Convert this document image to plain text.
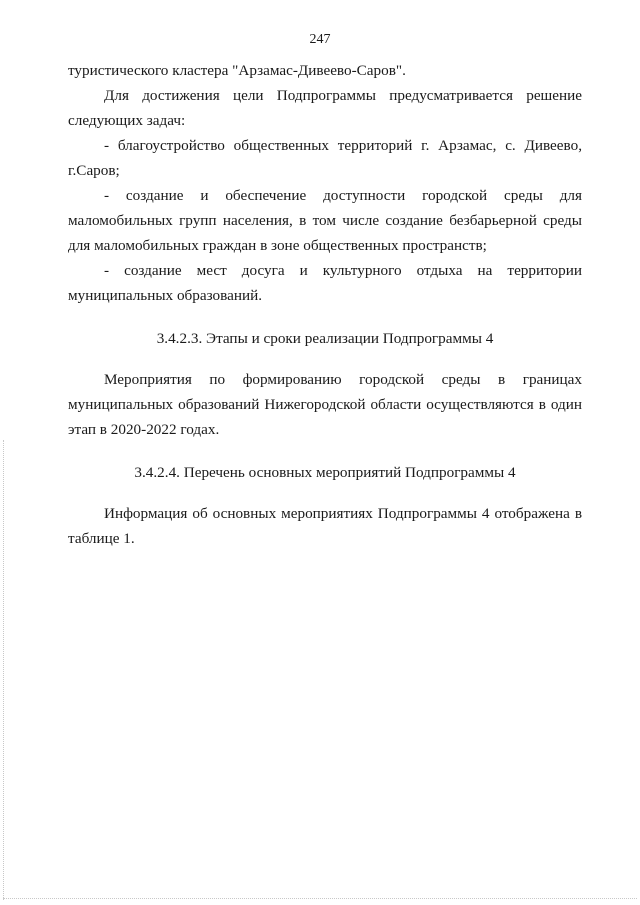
247

туристического кластера "Арзамас-Дивеево-Саров".

Для достижения цели Подпрограммы предусматривается решение следующих задач:

- благоустройство общественных территорий г. Арзамас, с. Дивеево, г.Саров;

- создание и обеспечение доступности городской среды для маломобильных групп населения, в том числе создание безбарьерной среды для маломобильных граждан в зоне общественных пространств;

- создание мест досуга и культурного отдыха на территории муниципальных образований.

3.4.2.3. Этапы и сроки реализации Подпрограммы 4

Мероприятия по формированию городской среды в границах муниципальных образований Нижегородской области осуществляются в один этап в 2020-2022 годах.

3.4.2.4. Перечень основных мероприятий Подпрограммы 4

Информация об основных мероприятиях Подпрограммы 4 отображена в таблице 1.
